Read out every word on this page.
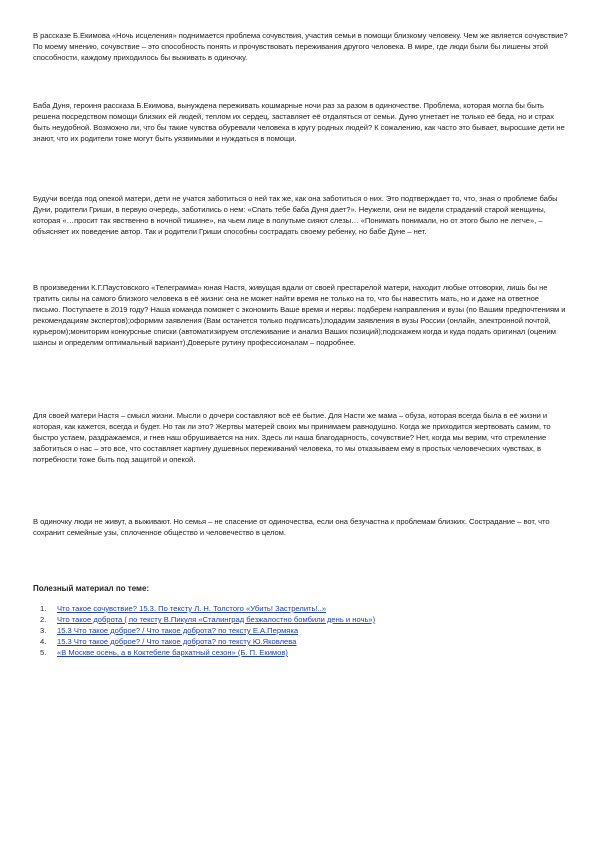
В рассказе Б.Екимова «Ночь исцеления» поднимается проблема сочувствия, участия семьи в помощи близкому человеку. Чем же является сочувствие? По моему мнению, сочувствие – это способность понять и прочувствовать переживания другого человека. В мире, где люди были бы лишены этой способности, каждому приходилось бы выживать в одиночку.

Баба Дуня, героиня рассказа Б.Екимова, вынуждена переживать кошмарные ночи раз за разом в одиночестве. Проблема, которая могла бы быть решена посредством помощи близких ей людей, теплом их сердец, заставляет её отдаляться от семьи. Дуню угнетает не только её беда, но и страх быть неудобной. Возможно ли, что бы такие чувства обуревали человека в кругу родных людей? К сожалению, как часто это бывает, выросшие дети не знают, что их родители тоже могут быть уязвимыми и нуждаться в помощи.

Будучи всегда под опекой матери, дети не учатся заботиться о ней так же, как она заботиться о них. Это подтверждает то, что, зная о проблеме бабы Дуни, родители Гриши, в первую очередь, заботились о нем: «Спать тебе баба Дуня дает?». Неужели, они не видели страданий старой женщины, которая «…просит так явственно в ночной тишине», на чьем лице в полутьме сияют слезы… «Понимать понимали, но от этого было не легче», – объясняет их поведение автор. Так и родители Гриши способны сострадать своему ребенку, но бабе Дуне – нет.

В произведении К.Г.Паустовского «Телеграмма» юная Настя, живущая вдали от своей престарелой матери, находит любые отговорки, лишь бы не тратить силы на самого близкого человека в её жизни: она не может найти время не только на то, что бы навестить мать, но и даже на ответное письмо. Поступаете в 2019 году? Наша команда поможет с экономить Ваше время и нервы: подберем направления и вузы (по Вашим предпочтениям и рекомендациям экспертов);оформим заявления (Вам останется только подписать);подадим заявления в вузы России (онлайн, электронной почтой, курьером);мониторим конкурсные списки (автоматизируем отслеживание и анализ Ваших позиций);подскажем когда и куда подать оригинал (оценим шансы и определим оптимальный вариант).Доверьте рутину профессионалам – подробнее.

Для своей матери Настя – смысл жизни. Мысли о дочери составляют всё её бытие. Для Насти же мама – обуза, которая всегда была в её жизни и которая, как кажется, всегда и будет. Но так ли это? Жертвы матерей своих мы принимаем равнодушно. Когда же приходится жертвовать самим, то быстро устаем, раздражаемся, и гнев наш обрушивается на них. Здесь ли наша благодарность, сочувствие? Нет, когда мы верим, что стремление заботиться о нас – это все, что составляет картину душевных переживаний человека, то мы отказываем ему в простых человеческих чувствах, в потребности тоже быть под защитой и опекой.

В одиночку люди не живут, а выживают. Но семья – не спасение от одиночества, если она безучастна к проблемам близких. Сострадание – вот, что сохранит семейные узы, сплоченное общество и человечество в целом.

Полезный материал по теме:

1.	Что такое сочувствие? 15.3. По тексту Л. Н. Толстого «Убить! Застрелить!..»
2.	Что такое доброта ( по тексту В.Пикуля «Сталинград безжалостно бомбили день и ночь»)
3.	15.3 Что такое доброе? / Что такое доброта? по тексту Е.А.Пермяка
4.	15.3 Что такое доброе? / Что такое доброта? по тексту Ю.Яковлева
5.	«В Москве осень, а в Коктебеле бархатный сезон» (Б. П. Екимов)
